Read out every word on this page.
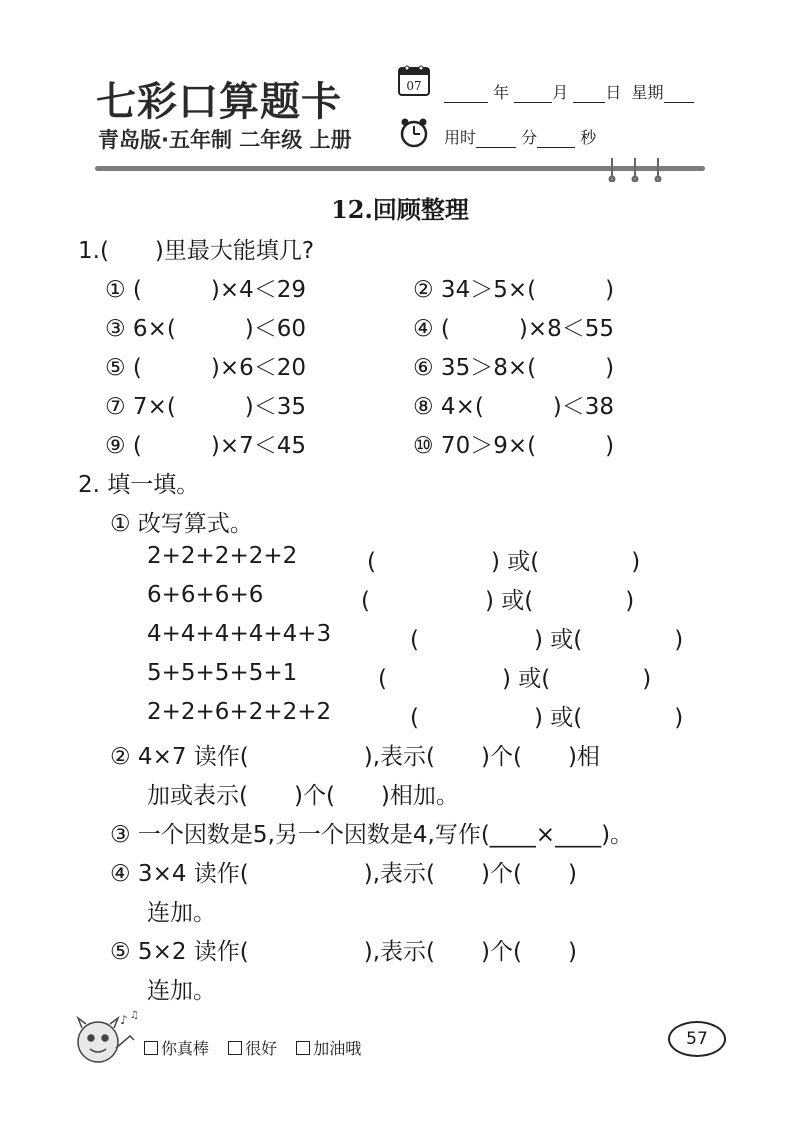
七彩口算题卡
青岛版·五年制 二年级 上册
07	年	月 日 星期
用时	分	秒
12.回顾整理
1.(　　)里最大能填几?
① (　　　)×4＜29	② 34＞5×(　　　)
③ 6×(　　　)＜60	④ (　　　)×8＜55
⑤ (　　　)×6＜20	⑥ 35＞8×(　　　)
⑦ 7×(　　　)＜35	⑧ 4×(　　　)＜38
⑨ (　　　)×7＜45	⑩ 70＞9×(　　　)
2. 填一填。
① 改写算式。
2+2+2+2+2	(　　　　　) 或(　　　　)
6+6+6+6	(　　　　　) 或(　　　　)
4+4+4+4+4+3	(　　　　　) 或(　　　　)
5+5+5+5+1	(　　　　　) 或(　　　　)
2+2+6+2+2+2	(　　　　　) 或(　　　　)
② 4×7 读作(　　　　　),表示(　　)个(　　)相
加或表示(　　)个(　　)相加。
③ 一个因数是5,另一个因数是4,写作(____×____)。
④ 3×4 读作(　　　　　),表示(　　)个(　　)
连加。
⑤ 5×2 读作(　　　　　),表示(　　)个(　　)
连加。
♪ ♫
你真棒 很好 加油哦	57
